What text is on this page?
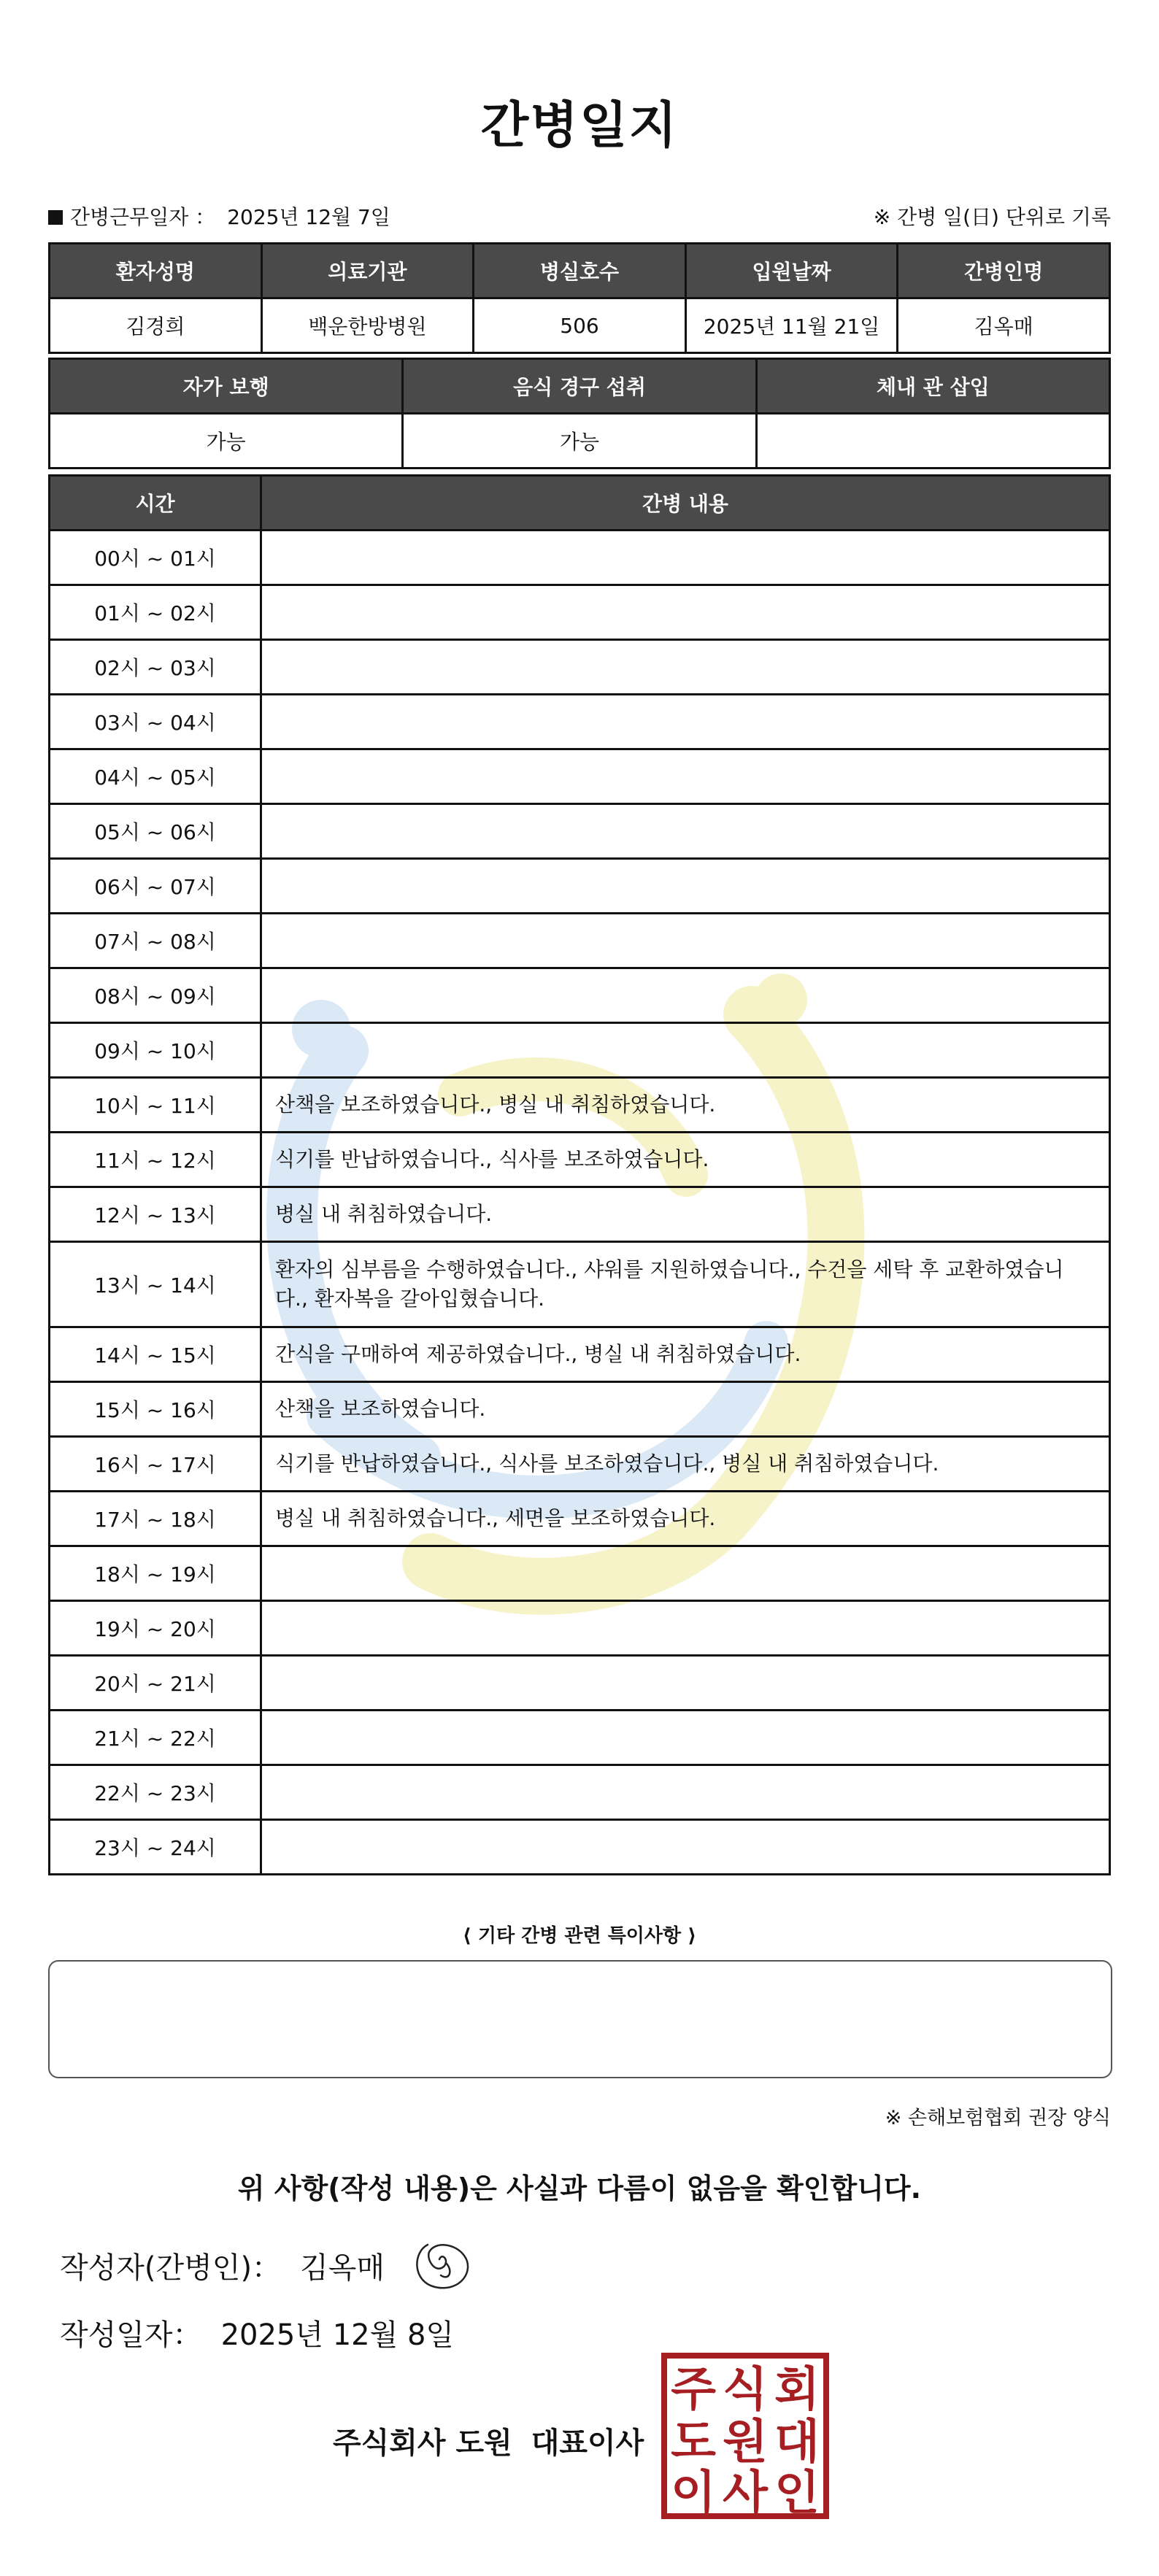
간병일지
간병근무일자 ： 2025년 12월 7일	※ 간병 일(日) 단위로 기록
환자성명	의료기관	병실호수	입원날짜	간병인명
김경희	백운한방병원	506	2025년 11월 21일	김옥매
자가 보행	음식 경구 섭취	체내 관 삽입
가능	가능	
시간	간병 내용
00시 ~ 01시	
01시 ~ 02시	
02시 ~ 03시	
03시 ~ 04시	
04시 ~ 05시	
05시 ~ 06시	
06시 ~ 07시	
07시 ~ 08시	
08시 ~ 09시	
09시 ~ 10시	
10시 ~ 11시	산책을 보조하였습니다., 병실 내 취침하였습니다.
11시 ~ 12시	식기를 반납하였습니다., 식사를 보조하였습니다.
12시 ~ 13시	병실 내 취침하였습니다.
13시 ~ 14시	환자의 심부름을 수행하였습니다., 샤워를 지원하였습니다., 수건을 세탁 후 교환하였습니다., 환자복을 갈아입혔습니다.
14시 ~ 15시	간식을 구매하여 제공하였습니다., 병실 내 취침하였습니다.
15시 ~ 16시	산책을 보조하였습니다.
16시 ~ 17시	식기를 반납하였습니다., 식사를 보조하였습니다., 병실 내 취침하였습니다.
17시 ~ 18시	병실 내 취침하였습니다., 세면을 보조하였습니다.
18시 ~ 19시	
19시 ~ 20시	
20시 ~ 21시	
21시 ~ 22시	
22시 ~ 23시	
23시 ~ 24시	
⟨ 기타 간병 관련 특이사항 ⟩
※ 손해보험협회 권장 양식
위 사항(작성 내용)은 사실과 다름이 없음을 확인합니다.
작성자(간병인)： 김옥매
작성일자： 2025년 12월 8일
주식회사 도원 대표이사
주 식 회
도 원 대
이 사 인
